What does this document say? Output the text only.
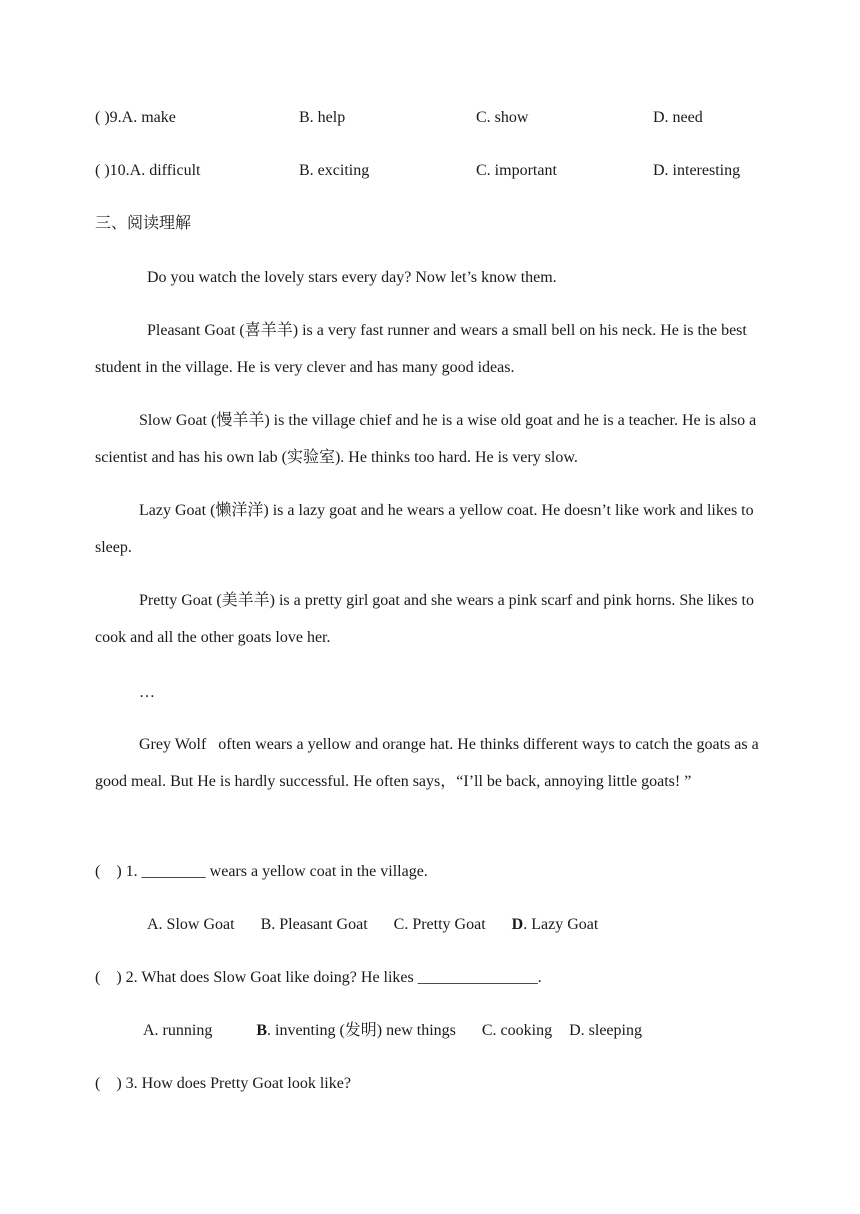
( )9.A. make	B. help	C. show	D. need
( )10.A. difficult	B. exciting	C. important	D. interesting
三、阅读理解
Do you watch the lovely stars every day? Now let’s know them.

Pleasant Goat (喜羊羊) is a very fast runner and wears a small bell on his neck. He is the best student in the village. He is very clever and has many good ideas.

Slow Goat (慢羊羊) is the village chief and he is a wise old goat and he is a teacher. He is also a scientist and has his own lab (实验室). He thinks too hard. He is very slow.

Lazy Goat (懒洋洋) is a lazy goat and he wears a yellow coat. He doesn’t like work and likes to sleep.

Pretty Goat (美羊羊) is a pretty girl goat and she wears a pink scarf and pink horns. She likes to cook and all the other goats love her.

…

Grey Wolf   often wears a yellow and orange hat. He thinks different ways to catch the goats as a good meal. But He is hardly successful. He often says，“I’ll be back, annoying little goats! ”

(    ) 1. ________ wears a yellow coat in the village.
A. Slow Goat B. Pleasant Goat C. Pretty Goat D. Lazy Goat
(    ) 2. What does Slow Goat like doing? He likes _______________.
A. running	B. inventing (发明) new things C. cooking D. sleeping
(    ) 3. How does Pretty Goat look like?
